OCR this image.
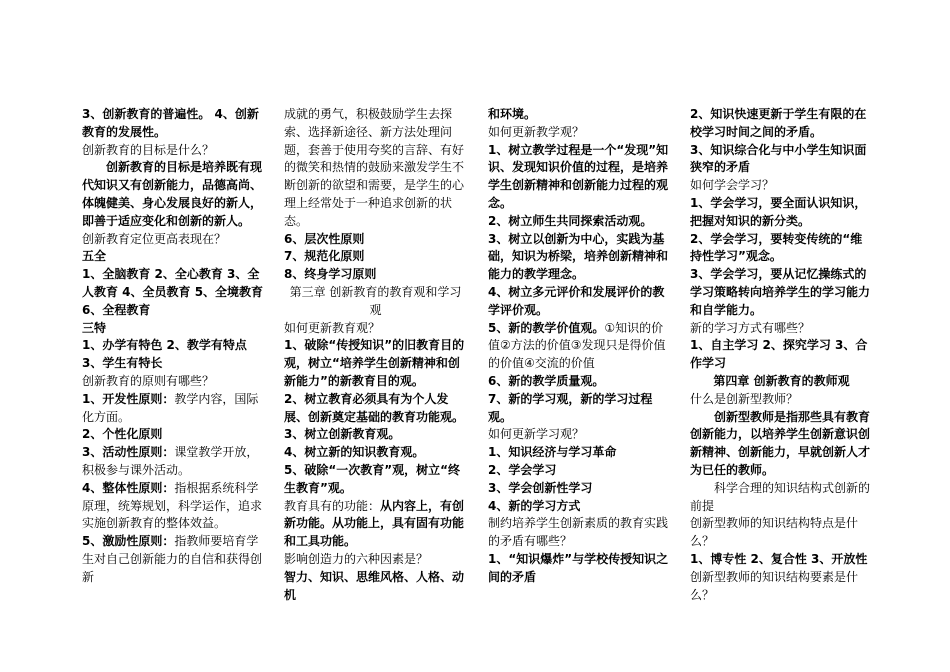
3、创新教育的普遍性。 4、创新教育的发展性。

创新教育的目标是什么？

创新教育的目标是培养既有现代知识又有创新能力，品德高尚、体魄健美、身心发展良好的新人，即善于适应变化和创新的新人。

创新教育定位更高表现在？

五全

1、全脑教育 2、全心教育 3、全人教育 4、全员教育 5、全境教育 6、全程教育

三特

1、办学有特色 2、教学有特点 3、学生有特长

创新教育的原则有哪些？

1、开发性原则：教学内容，国际化方面。

2、个性化原则

3、活动性原则：课堂教学开放，积极参与课外活动。

4、整体性原则：指根据系统科学原理，统筹规划，科学运作，追求实施创新教育的整体效益。

5、激励性原则：指教师要培育学生对自己创新能力的自信和获得创新

成就的勇气，积极鼓励学生去探索、选择新途径、新方法处理问题，套善于使用夸奖的言辞、有好的微笑和热情的鼓励来激发学生不断创新的欲望和需要，是学生的心理上经常处于一种追求创新的状态。

6、层次性原则

7、规范化原则

8、终身学习原则

第三章 创新教育的教育观和学习观

如何更新教育观？

1、破除“传授知识”的旧教育目的观，树立“培养学生创新精神和创新能力”的新教育目的观。

2、树立教育必须具有为个人发展、创新奠定基础的教育功能观。

3、树立创新教育观。

4、树立新的知识教育观。

5、破除“一次教育”观，树立“终生教育”观。

教育具有的功能：从内容上，有创新功能。从功能上，具有固有功能和工具功能。

影响创造力的六种因素是？

智力、知识、思维风格、人格、动机

和环境。

如何更新教学观？

1、树立教学过程是一个“发现”知识、发现知识价值的过程，是培养学生创新精神和创新能力过程的观念。

2、树立师生共同探索活动观。

3、树立以创新为中心，实践为基础，知识为桥梁，培养创新精神和能力的教学理念。

4、树立多元评价和发展评价的教学评价观。

5、新的教学价值观。①知识的价值②方法的价值③发现只是得价值的价值④交流的价值

6、新的教学质量观。

7、新的学习观，新的学习过程观。

如何更新学习观？

1、知识经济与学习革命

2、学会学习

3、学会创新性学习

4、新的学习方式

制约培养学生创新素质的教育实践的矛盾有哪些？

1、“知识爆炸”与学校传授知识之间的矛盾

2、知识快速更新于学生有限的在校学习时间之间的矛盾。

3、知识综合化与中小学生知识面狭窄的矛盾

如何学会学习？

1、学会学习，要全面认识知识，把握对知识的新分类。

2、学会学习，要转变传统的“维持性学习”观念。

3、学会学习，要从记忆操练式的学习策略转向培养学生的学习能力和自学能力。

新的学习方式有哪些？

1、自主学习 2、探究学习 3、合作学习

第四章 创新教育的教师观

什么是创新型教师？

创新型教师是指那些具有教育创新能力，以培养学生创新意识创新精神、创新能力，早就创新人才为已任的教师。

科学合理的知识结构式创新的前提

创新型教师的知识结构特点是什么？

1、博专性 2、复合性 3、开放性

创新型教师的知识结构要素是什么？
